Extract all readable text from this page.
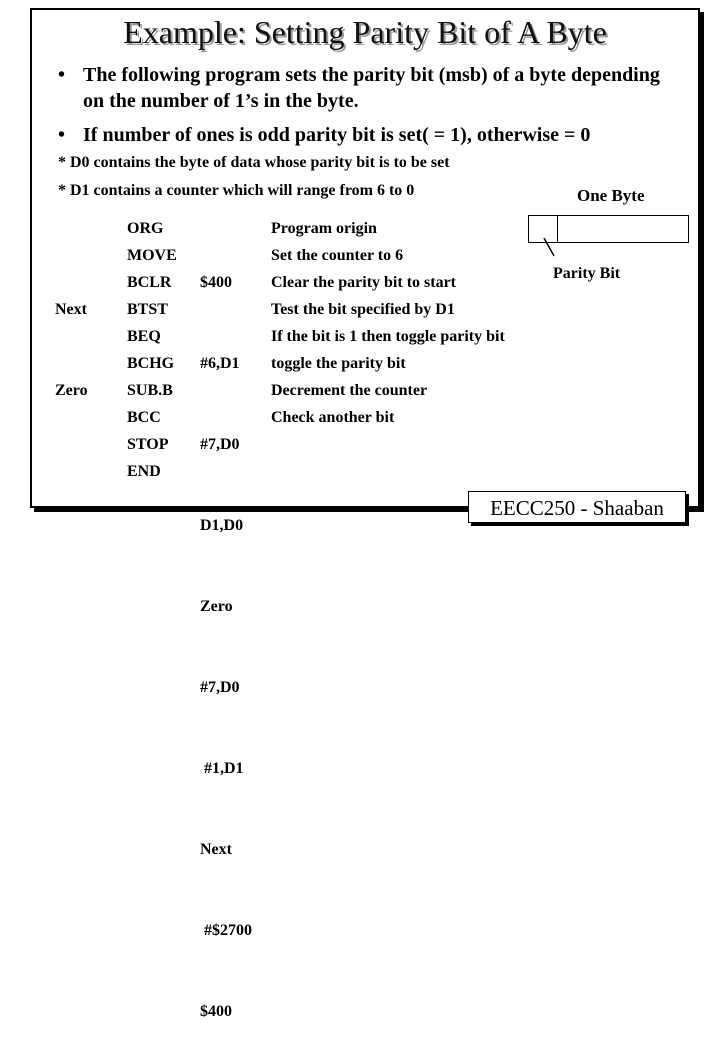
Example: Setting Parity Bit of A Byte
• The following program sets the parity bit (msb) of a byte depending on the number of 1’s in the byte.
• If number of ones is odd parity bit is set( = 1), otherwise = 0
* D0 contains the byte of data whose parity bit is to be set
* D1 contains a counter which will range from 6 to 0

Next

Zero
ORG
MOVE
BCLR
BTST
BEQ
BCHG
SUB.B
BCC
STOP
END

$400

#6,D1

#7,D0

D1,D0

Zero

#7,D0

#1,D1

Next

#$2700

$400

Program origin
Set the counter to 6
Clear the parity bit to start
Test the bit specified by D1
If the bit is 1 then toggle parity bit
toggle the parity bit
Decrement the counter
Check another bit
One Byte
Parity Bit
EECC250 - Shaaban
